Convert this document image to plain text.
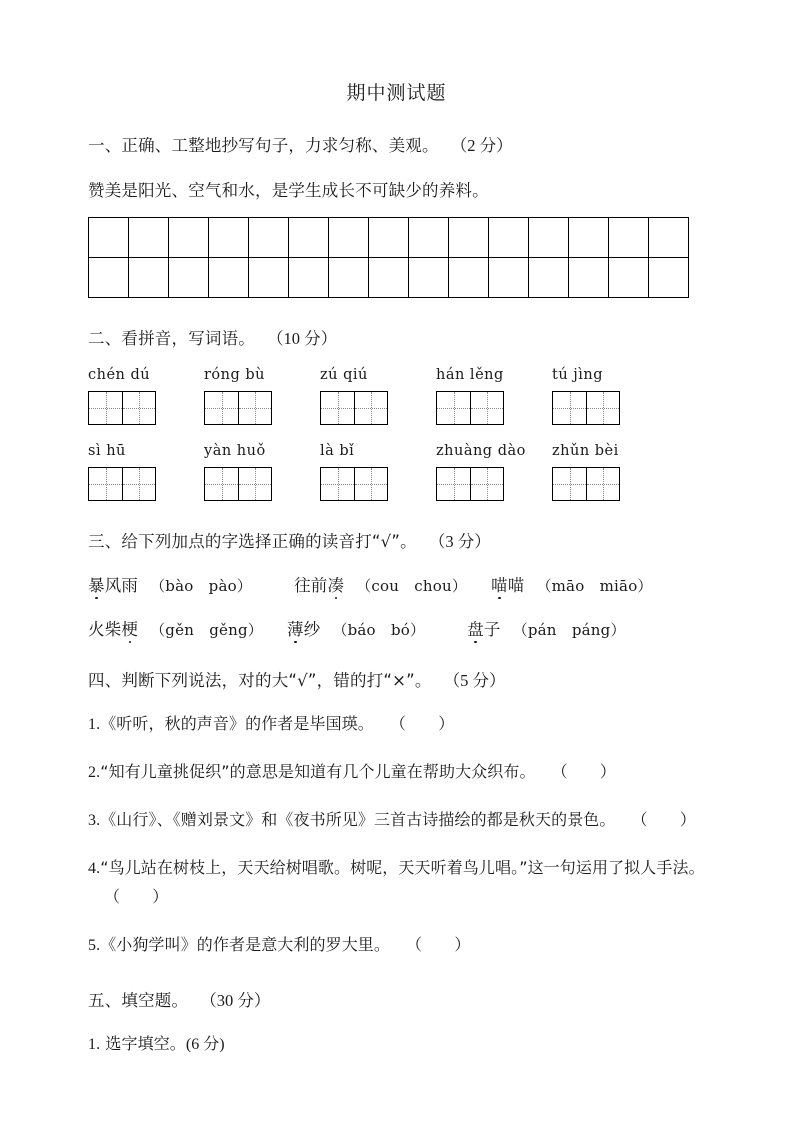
期中测试题
一、正确、工整地抄写句子，力求匀称、美观。 （2 分）
赞美是阳光、空气和水，是学生成长不可缺少的养料。

二、看拼音，写词语。 （10 分）
chén dú	róng bù	zú qiú	hán lěng	tú jìng
sì hū	yàn huǒ	là bǐ	zhuàng dào	zhǔn bèi
三、给下列加点的字选择正确的读音打“√”。 （3 分）
暴风雨 （bào　pào）	往前凑 （cou　chou） 喵喵 （māo　miāo）
火柴梗 （gěn　gěng） 薄纱 （báo　bó）	盘子 （pán　páng）
四、判断下列说法，对的大“√”，错的打“×”。 （5 分）
1.《听听，秋的声音》的作者是毕国瑛。 （　　）
2.“知有儿童挑促织”的意思是知道有几个儿童在帮助大众织布。 （　　）
3.《山行》、《赠刘景文》和《夜书所见》三首古诗描绘的都是秋天的景色。 （　　）
4.“鸟儿站在树枝上，天天给树唱歌。树呢，天天听着鸟儿唱。”这一句运用了拟人手法。（　　）
5.《小狗学叫》的作者是意大利的罗大里。 （　　）
五、填空题。 （30 分）
1. 选字填空。(6 分)
